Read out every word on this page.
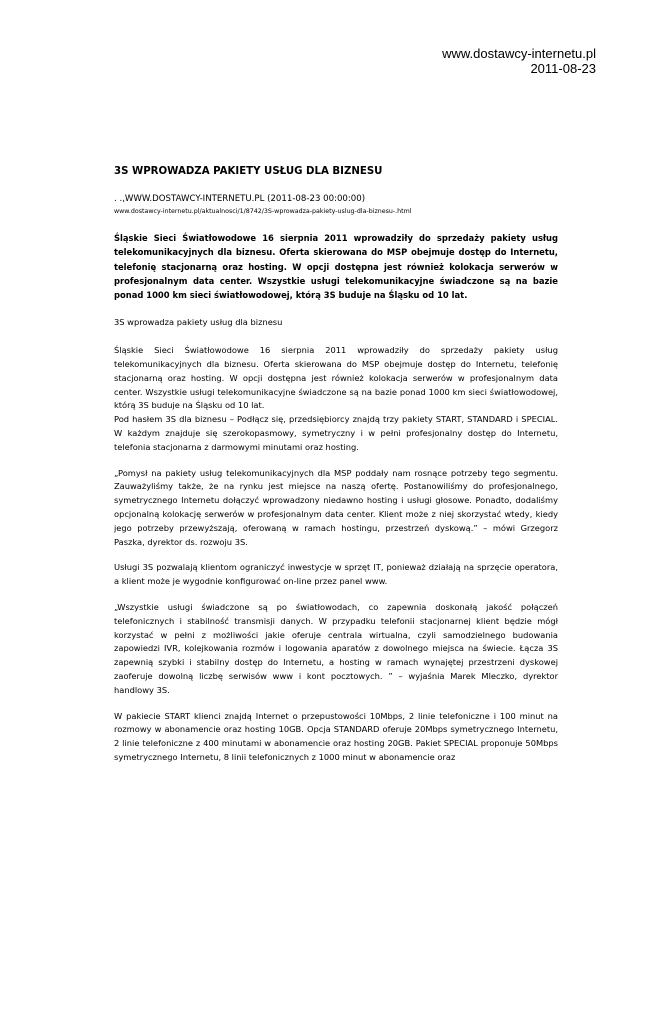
www.dostawcy-internetu.pl
2011-08-23
3S WPROWADZA PAKIETY USŁUG DLA BIZNESU

. .,WWW.DOSTAWCY-INTERNETU.PL (2011-08-23 00:00:00)

www.dostawcy-internetu.pl/aktualnosci/1/8742/3S-wprowadza-pakiety-uslug-dla-biznesu-.html

Śląskie Sieci Światłowodowe 16 sierpnia 2011 wprowadziły do sprzedaży pakiety usług telekomunikacyjnych dla biznesu. Oferta skierowana do MSP obejmuje dostęp do Internetu, telefonię stacjonarną oraz hosting. W opcji dostępna jest również kolokacja serwerów w profesjonalnym data center. Wszystkie usługi telekomunikacyjne świadczone są na bazie ponad 1000 km sieci światłowodowej, którą 3S buduje na Śląsku od 10 lat.

3S wprowadza pakiety usług dla biznesu

Śląskie Sieci Światłowodowe 16 sierpnia 2011 wprowadziły do sprzedaży pakiety usług telekomunikacyjnych dla biznesu. Oferta skierowana do MSP obejmuje dostęp do Internetu, telefonię stacjonarną oraz hosting. W opcji dostępna jest również kolokacja serwerów w profesjonalnym data center. Wszystkie usługi telekomunikacyjne świadczone są na bazie ponad 1000 km sieci światłowodowej, którą 3S buduje na Śląsku od 10 lat.

Pod hasłem 3S dla biznesu – Podłącz się, przedsiębiorcy znajdą trzy pakiety START, STANDARD i SPECIAL. W każdym znajduje się szerokopasmowy, symetryczny i w pełni profesjonalny dostęp do Internetu, telefonia stacjonarna z darmowymi minutami oraz hosting.

„Pomysł na pakiety usług telekomunikacyjnych dla MSP poddały nam rosnące potrzeby tego segmentu. Zauważyliśmy także, że na rynku jest miejsce na naszą ofertę. Postanowiliśmy do profesjonalnego, symetrycznego Internetu dołączyć wprowadzony niedawno hosting i usługi głosowe. Ponadto, dodaliśmy opcjonalną kolokację serwerów w profesjonalnym data center. Klient może z niej skorzystać wtedy, kiedy jego potrzeby przewyższają, oferowaną w ramach hostingu, przestrzeń dyskową.” – mówi Grzegorz Paszka, dyrektor ds. rozwoju 3S.

Usługi 3S pozwalają klientom ograniczyć inwestycje w sprzęt IT, ponieważ działają na sprzęcie operatora, a klient może je wygodnie konfigurować on-line przez panel www.

„Wszystkie usługi świadczone są po światłowodach, co zapewnia doskonałą jakość połączeń telefonicznych i stabilność transmisji danych. W przypadku telefonii stacjonarnej klient będzie mógł korzystać w pełni z możliwości jakie oferuje centrala wirtualna, czyli samodzielnego budowania zapowiedzi IVR, kolejkowania rozmów i logowania aparatów z dowolnego miejsca na świecie. Łącza 3S zapewnią szybki i stabilny dostęp do Internetu, a hosting w ramach wynajętej przestrzeni dyskowej zaoferuje dowolną liczbę serwisów www i kont pocztowych. ” – wyjaśnia Marek Mleczko, dyrektor handlowy 3S.

W pakiecie START klienci znajdą Internet o przepustowości 10Mbps, 2 linie telefoniczne i 100 minut na rozmowy w abonamencie oraz hosting 10GB. Opcja STANDARD oferuje 20Mbps symetrycznego Internetu, 2 linie telefoniczne z 400 minutami w abonamencie oraz hosting 20GB. Pakiet SPECIAL proponuje 50Mbps symetrycznego Internetu, 8 linii telefonicznych z 1000 minut w abonamencie oraz
